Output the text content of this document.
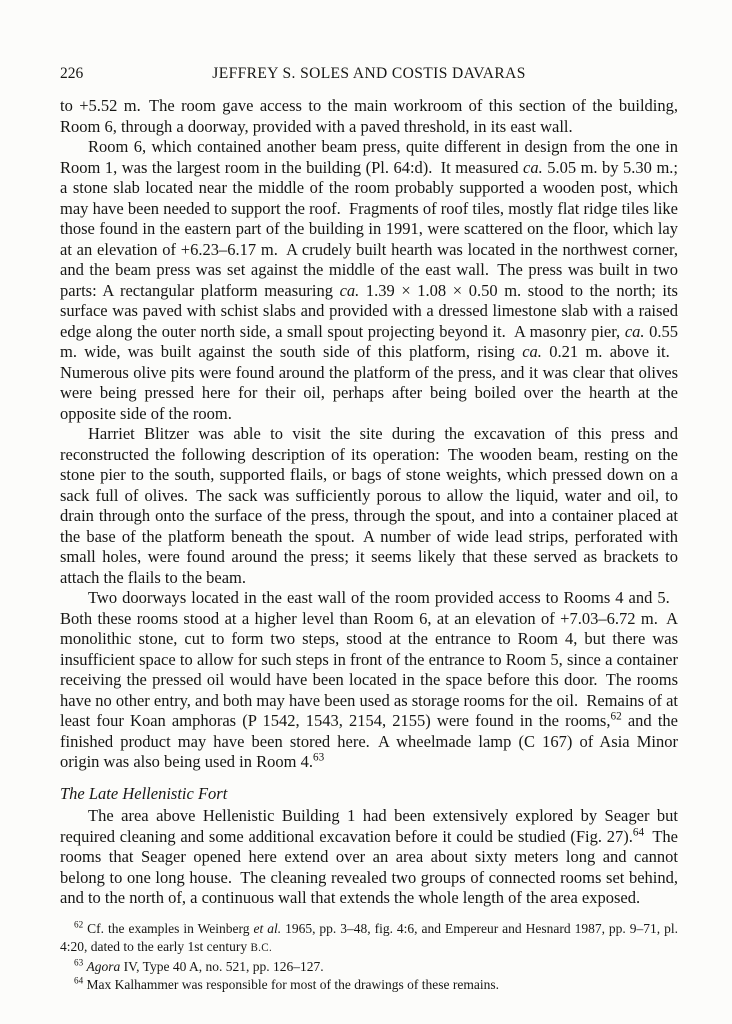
226	JEFFREY S. SOLES AND COSTIS DAVARAS

to +5.52 m. The room gave access to the main workroom of this section of the building, Room 6, through a doorway, provided with a paved threshold, in its east wall.

Room 6, which contained another beam press, quite different in design from the one in Room 1, was the largest room in the building (Pl. 64:d). It measured ca. 5.05 m. by 5.30 m.; a stone slab located near the middle of the room probably supported a wooden post, which may have been needed to support the roof. Fragments of roof tiles, mostly flat ridge tiles like those found in the eastern part of the building in 1991, were scattered on the floor, which lay at an elevation of +6.23–6.17 m. A crudely built hearth was located in the northwest corner, and the beam press was set against the middle of the east wall. The press was built in two parts: A rectangular platform measuring ca. 1.39 × 1.08 × 0.50 m. stood to the north; its surface was paved with schist slabs and provided with a dressed limestone slab with a raised edge along the outer north side, a small spout projecting beyond it. A masonry pier, ca. 0.55 m. wide, was built against the south side of this platform, rising ca. 0.21 m. above it. Numerous olive pits were found around the platform of the press, and it was clear that olives were being pressed here for their oil, perhaps after being boiled over the hearth at the opposite side of the room.

Harriet Blitzer was able to visit the site during the excavation of this press and reconstructed the following description of its operation: The wooden beam, resting on the stone pier to the south, supported flails, or bags of stone weights, which pressed down on a sack full of olives. The sack was sufficiently porous to allow the liquid, water and oil, to drain through onto the surface of the press, through the spout, and into a container placed at the base of the platform beneath the spout. A number of wide lead strips, perforated with small holes, were found around the press; it seems likely that these served as brackets to attach the flails to the beam.

Two doorways located in the east wall of the room provided access to Rooms 4 and 5. Both these rooms stood at a higher level than Room 6, at an elevation of +7.03–6.72 m. A monolithic stone, cut to form two steps, stood at the entrance to Room 4, but there was insufficient space to allow for such steps in front of the entrance to Room 5, since a container receiving the pressed oil would have been located in the space before this door. The rooms have no other entry, and both may have been used as storage rooms for the oil. Remains of at least four Koan amphoras (P 1542, 1543, 2154, 2155) were found in the rooms,$^{62}$ and the finished product may have been stored here. A wheelmade lamp (C 167) of Asia Minor origin was also being used in Room 4.63

The Late Hellenistic Fort

The area above Hellenistic Building 1 had been extensively explored by Seager but required cleaning and some additional excavation before it could be studied (Fig. 27).$^{64}$ The rooms that Seager opened here extend over an area about sixty meters long and cannot belong to one long house. The cleaning revealed two groups of connected rooms set behind, and to the north of, a continuous wall that extends the whole length of the area exposed.

$^{62}$ Cf. the examples in Weinberg et al. 1965, pp. 3–48, fig. 4:6, and Empereur and Hesnard 1987, pp. 9–71, pl. 4:20, dated to the early 1st century B.C.

$^{63}$ Agora IV, Type 40 A, no. 521, pp. 126–127.

$^{64}$ Max Kalhammer was responsible for most of the drawings of these remains.
